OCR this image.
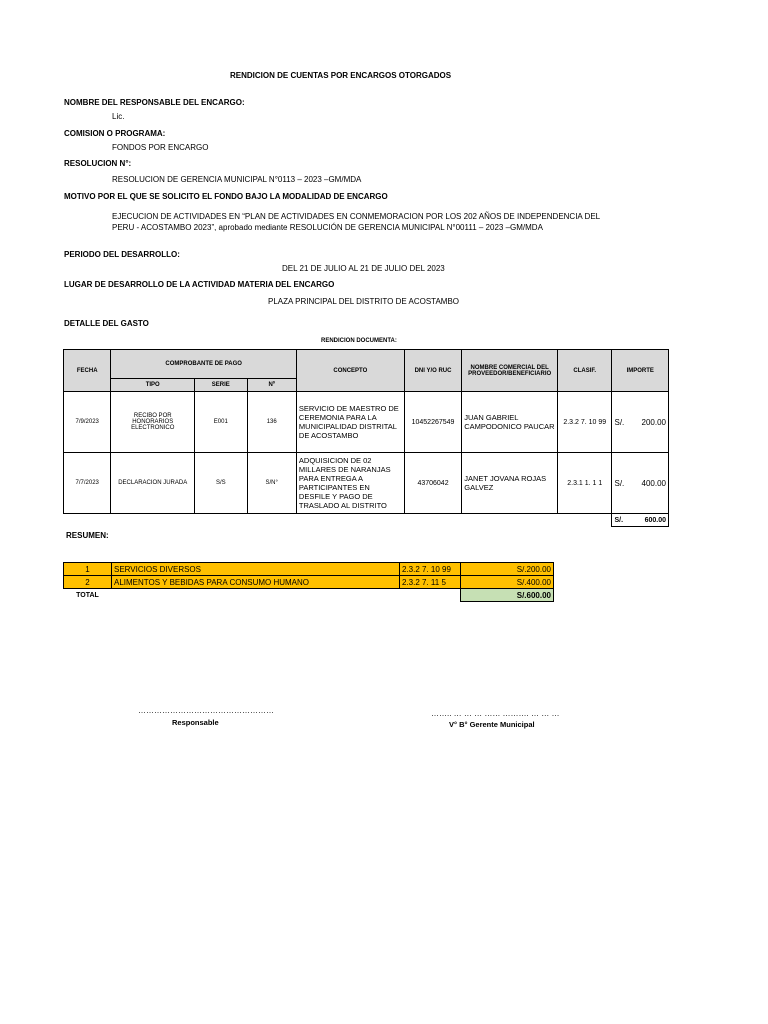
RENDICION DE CUENTAS POR ENCARGOS OTORGADOS
NOMBRE DEL RESPONSABLE DEL ENCARGO:
Lic.
COMISION O PROGRAMA:
FONDOS POR ENCARGO
RESOLUCION N°:
RESOLUCION DE GERENCIA MUNICIPAL N°0113 – 2023 –GM/MDA
MOTIVO POR EL QUE SE SOLICITO EL FONDO BAJO LA MODALIDAD DE ENCARGO
EJECUCION DE ACTIVIDADES EN “PLAN DE ACTIVIDADES EN CONMEMORACION POR LOS 202 AÑOS DE INDEPENDENCIA DEL
PERU - ACOSTAMBO 2023”, aprobado mediante RESOLUCIÓN DE GERENCIA MUNICIPAL N°00111 – 2023 –GM/MDA
PERIODO DEL DESARROLLO:
DEL 21 DE JULIO AL 21 DE JULIO DEL 2023
LUGAR DE DESARROLLO DE LA ACTIVIDAD MATERIA DEL ENCARGO
PLAZA PRINCIPAL DEL DISTRITO DE ACOSTAMBO
DETALLE DEL GASTO
RENDICION DOCUMENTA:
FECHA	COMPROBANTE DE PAGO			CONCEPTO	DNI Y/O RUC	NOMBRE COMERCIAL DEL PROVEEDOR/BENEFICIARIO	CLASIF.	IMPORTE
	TIPO	SERIE	Nº					
7/9/2023	RECIBO POR HONORARIOS ELECTRONICO	E001	136	SERVICIO DE MAESTRO DE CEREMONIA PARA LA MUNICIPALIDAD DISTRITAL DE ACOSTAMBO	10452267549	JUAN GABRIEL CAMPODONICO PAUCAR	2.3.2 7. 10 99	S/. 200.00

7/7/2023	DECLARACION JURADA	S/S	S/N°	ADQUISICION DE 02 MILLARES DE NARANJAS PARA ENTREGA A PARTICIPANTES EN DESFILE Y PAGO DE TRASLADO AL DISTRITO	43706042	JANET JOVANA ROJAS GALVEZ	2.3.1 1. 1 1	S/. 400.00

								S/. 600.00
RESUMEN:
1	SERVICIOS DIVERSOS	2.3.2 7. 10 99	S/.200.00
2	ALIMENTOS Y BEBIDAS PARA CONSUMO HUMANO	2.3.2 7. 11 5	S/.400.00
TOTAL			S/.600.00
……………………………………………
Responsable
…….. … … … …… ………. … … …
V° B° Gerente Municipal
